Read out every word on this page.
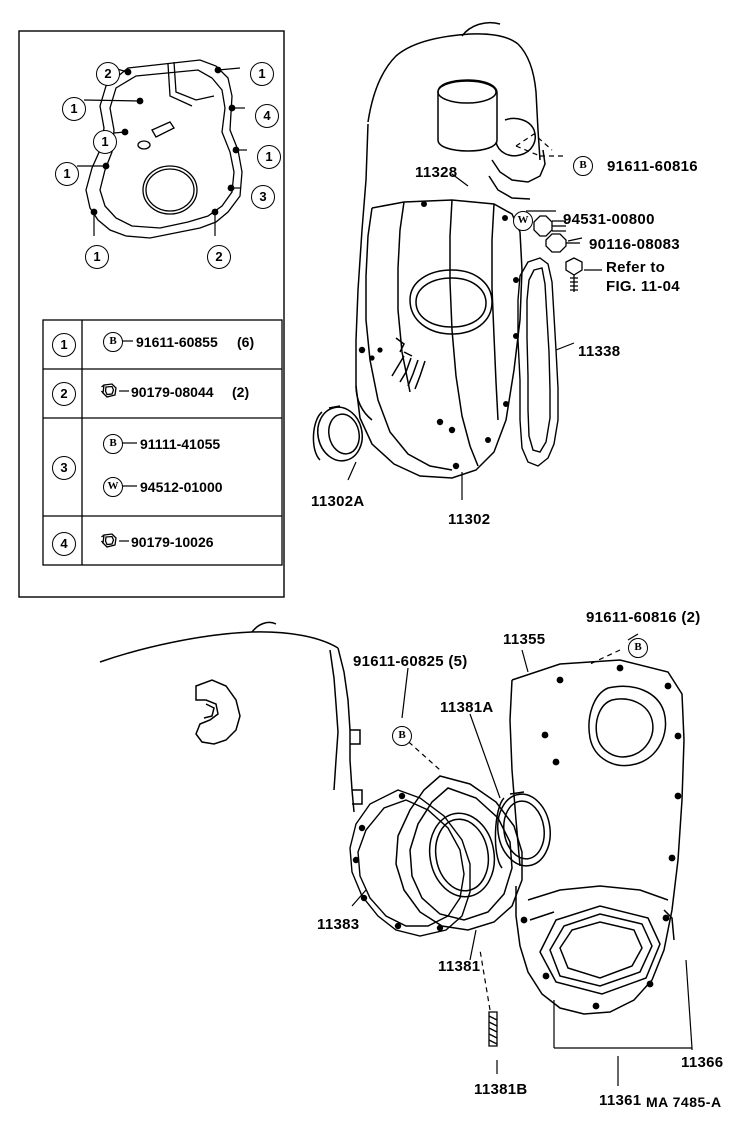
2	1
1	4
1
1
1
3
1	2
1	B	91611-60855 (6)
2	90179-08044 (2)
3
B	91111-41055
W	94512-01000
4	90179-10026
11328	B	91611-60816
W	94531-00800
90116-08083
Refer to
FIG. 11-04
11338
11302A
11302
91611-60816 (2)
B
11355
91611-60825 (5)
B
11381A
11383
11381
11381B
11361
11366
MA 7485-A
